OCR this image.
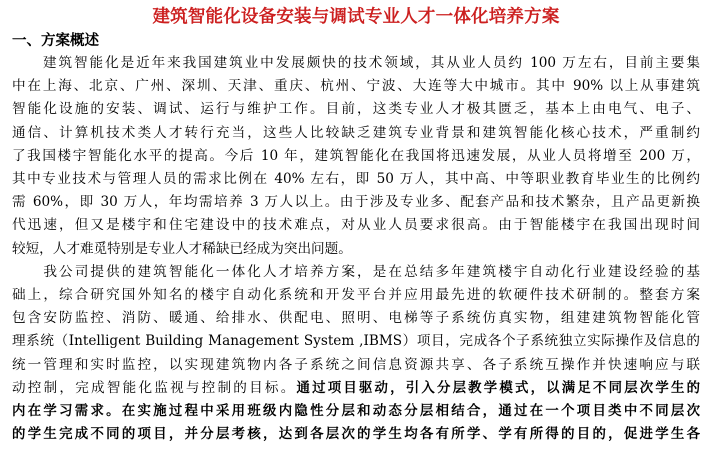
建筑智能化设备安装与调试专业人才一体化培养方案
一、方案概述

　　建筑智能化是近年来我国建筑业中发展颇快的技术领域，其从业人员约 100 万左右，目前主要集
中在上海、北京、广州、深圳、天津、重庆、杭州、宁波、大连等大中城市。其中 90% 以上从事建筑
智能化设施的安装、调试、运行与维护工作。目前，这类专业人才极其匮乏，基本上由电气、电子、
通信、计算机技术类人才转行充当，这些人比较缺乏建筑专业背景和建筑智能化核心技术，严重制约
了我国楼宇智能化水平的提高。今后 10 年，建筑智能化在我国将迅速发展，从业人员将增至 200 万，
其中专业技术与管理人员的需求比例在 40% 左右，即 50 万人，其中高、中等职业教育毕业生的比例约
需 60%，即 30 万人，年均需培养 3 万人以上。由于涉及专业多、配套产品和技术繁杂，且产品更新换
代迅速，但又是楼宇和住宅建设中的技术难点，对从业人员要求很高。由于智能楼宇在我国出现时间
较短，人才难觅特别是专业人才稀缺已经成为突出问题。

　　我公司提供的建筑智能化一体化人才培养方案，是在总结多年建筑楼宇自动化行业建设经验的基
础上，综合研究国外知名的楼宇自动化系统和开发平台并应用最先进的软硬件技术研制的。整套方案
包含安防监控、消防、暖通、给排水、供配电、照明、电梯等子系统仿真实物，组建建筑物智能化管
理系统（Intelligent Building Management System ,IBMS）项目，完成各个子系统独立实际操作及信息的
统一管理和实时监控，以实现建筑物内各子系统之间信息资源共享、各子系统互操作并快速响应与联
动控制，完成智能化监视与控制的目标。通过项目驱动，引入分层教学模式，以满足不同层次学生的
内在学习需求。在实施过程中采用班级内隐性分层和动态分层相结合，通过在一个项目类中不同层次
的学生完成不同的项目，并分层考核，达到各层次的学生均各有所学、学有所得的目的，促进学生各
